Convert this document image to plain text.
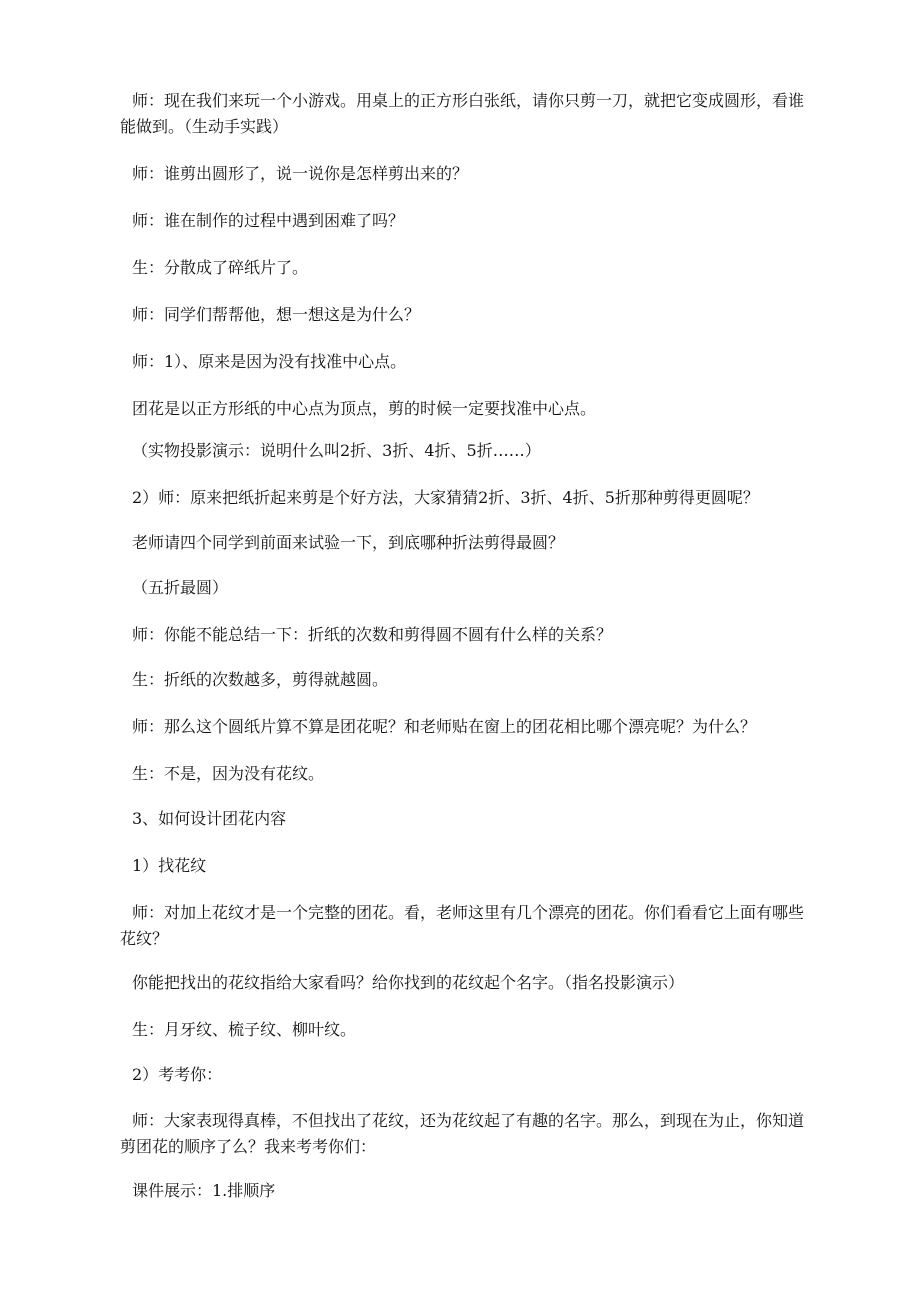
师：现在我们来玩一个小游戏。用桌上的正方形白张纸，请你只剪一刀，就把它变成圆形，看谁能做到。（生动手实践）

师：谁剪出圆形了，说一说你是怎样剪出来的？

师：谁在制作的过程中遇到困难了吗？

生：分散成了碎纸片了。

师：同学们帮帮他，想一想这是为什么？

师：1）、原来是因为没有找准中心点。

团花是以正方形纸的中心点为顶点，剪的时候一定要找准中心点。

（实物投影演示：说明什么叫2折、3折、4折、5折……）

2）师：原来把纸折起来剪是个好方法，大家猜猜2折、3折、4折、5折那种剪得更圆呢？

老师请四个同学到前面来试验一下，到底哪种折法剪得最圆？

（五折最圆）

师：你能不能总结一下：折纸的次数和剪得圆不圆有什么样的关系？

生：折纸的次数越多，剪得就越圆。

师：那么这个圆纸片算不算是团花呢？和老师贴在窗上的团花相比哪个漂亮呢？为什么？

生：不是，因为没有花纹。

3、如何设计团花内容

1）找花纹

师：对加上花纹才是一个完整的团花。看，老师这里有几个漂亮的团花。你们看看它上面有哪些花纹？

你能把找出的花纹指给大家看吗？给你找到的花纹起个名字。（指名投影演示）

生：月牙纹、梳子纹、柳叶纹。

2）考考你：

师：大家表现得真棒，不但找出了花纹，还为花纹起了有趣的名字。那么，到现在为止，你知道剪团花的顺序了么？我来考考你们：

课件展示：1.排顺序
